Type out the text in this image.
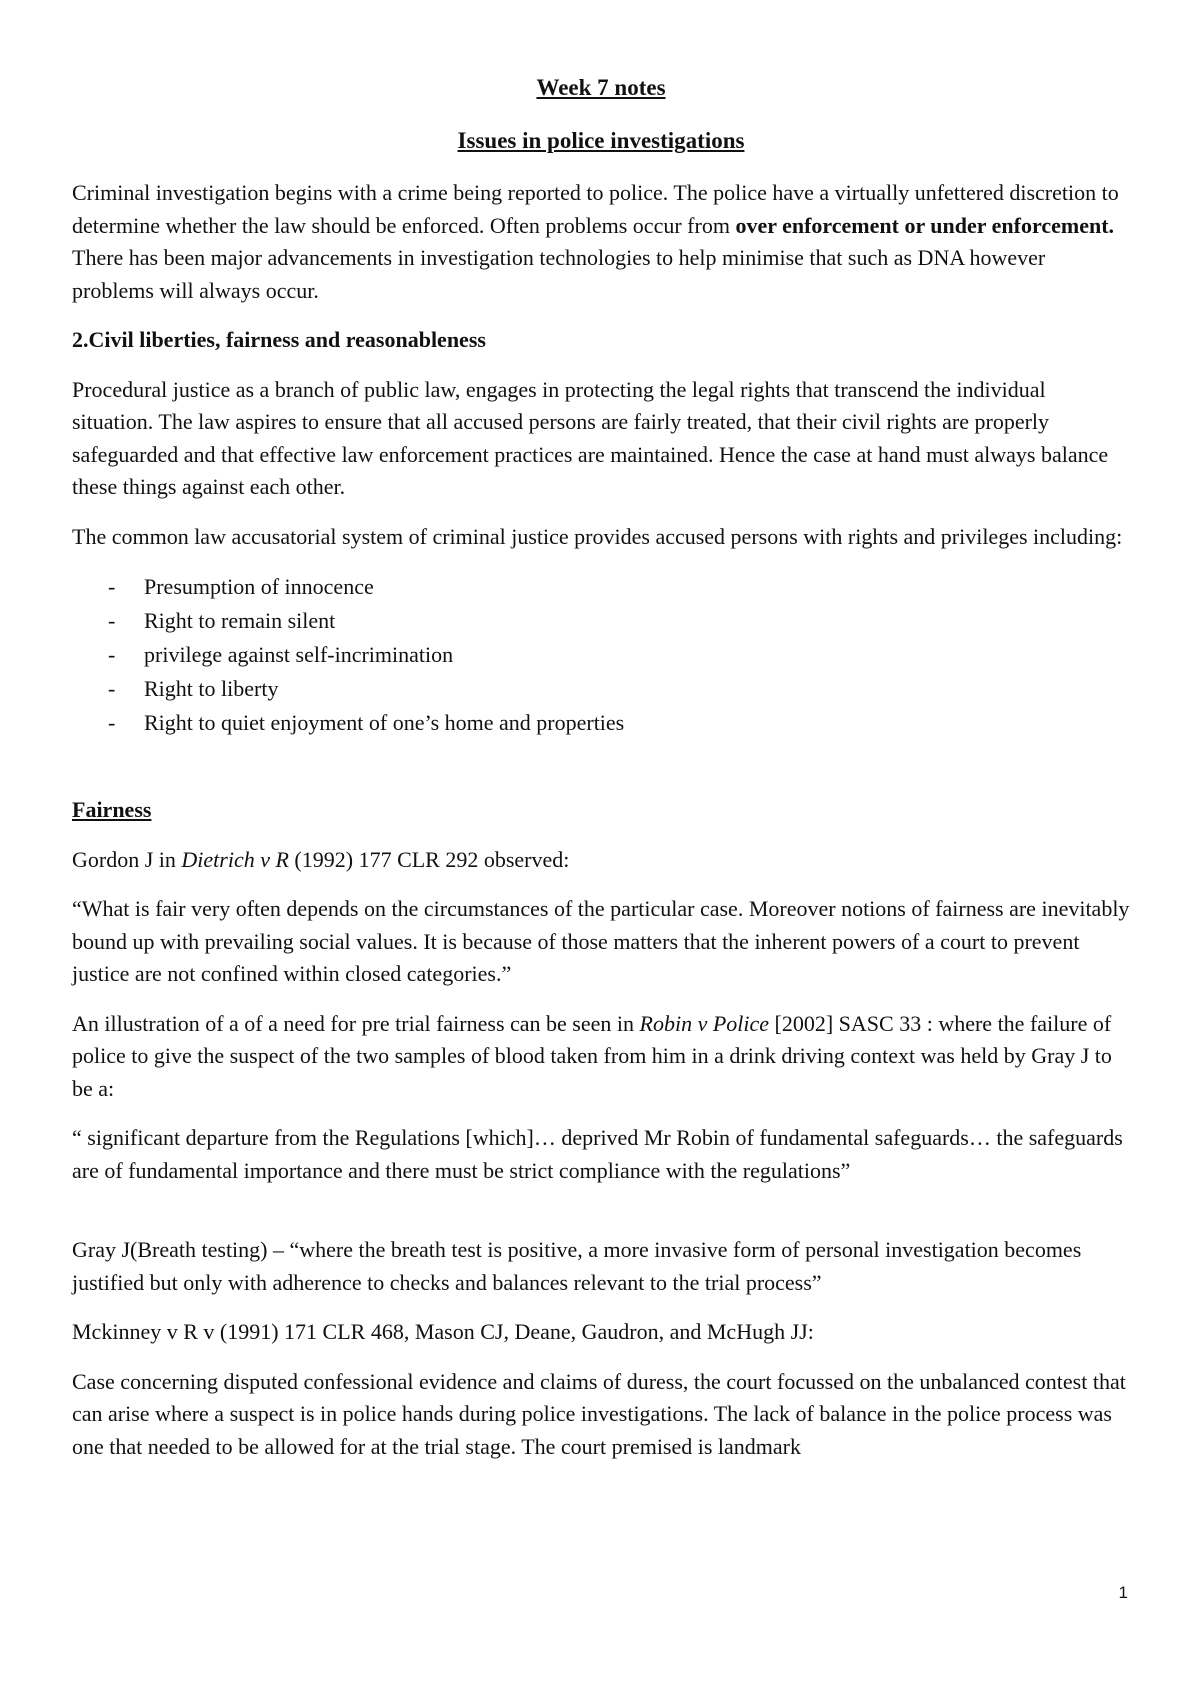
Week 7 notes
Issues in police investigations

Criminal investigation begins with a crime being reported to police. The police have a virtually unfettered discretion to determine whether the law should be enforced. Often problems occur from over enforcement or under enforcement. There has been major advancements in investigation technologies to help minimise that such as DNA however problems will always occur.

2.Civil liberties, fairness and reasonableness

Procedural justice as a branch of public law, engages in protecting the legal rights that transcend the individual situation. The law aspires to ensure that all accused persons are fairly treated, that their civil rights are properly safeguarded and that effective law enforcement practices are maintained. Hence the case at hand must always balance these things against each other.

The common law accusatorial system of criminal justice provides accused persons with rights and privileges including:

- Presumption of innocence
- Right to remain silent
- privilege against self-incrimination
- Right to liberty
- Right to quiet enjoyment of one’s home and properties
Fairness

Gordon J in Dietrich v R (1992) 177 CLR 292 observed:

“What is fair very often depends on the circumstances of the particular case. Moreover notions of fairness are inevitably bound up with prevailing social values. It is because of those matters that the inherent powers of a court to prevent justice are not confined within closed categories.”

An illustration of a of a need for pre trial fairness can be seen in Robin v Police [2002] SASC 33 : where the failure of police to give the suspect of the two samples of blood taken from him in a drink driving context was held by Gray J to be a:

“ significant departure from the Regulations [which]… deprived Mr Robin of fundamental safeguards… the safeguards are of fundamental importance and there must be strict compliance with the regulations”

Gray J(Breath testing) – “where the breath test is positive, a more invasive form of personal investigation becomes justified but only with adherence to checks and balances relevant to the trial process”

Mckinney v R v (1991) 171 CLR 468, Mason CJ, Deane, Gaudron, and McHugh JJ:

Case concerning disputed confessional evidence and claims of duress, the court focussed on the unbalanced contest that can arise where a suspect is in police hands during police investigations. The lack of balance in the police process was one that needed to be allowed for at the trial stage. The court premised is landmark

1
